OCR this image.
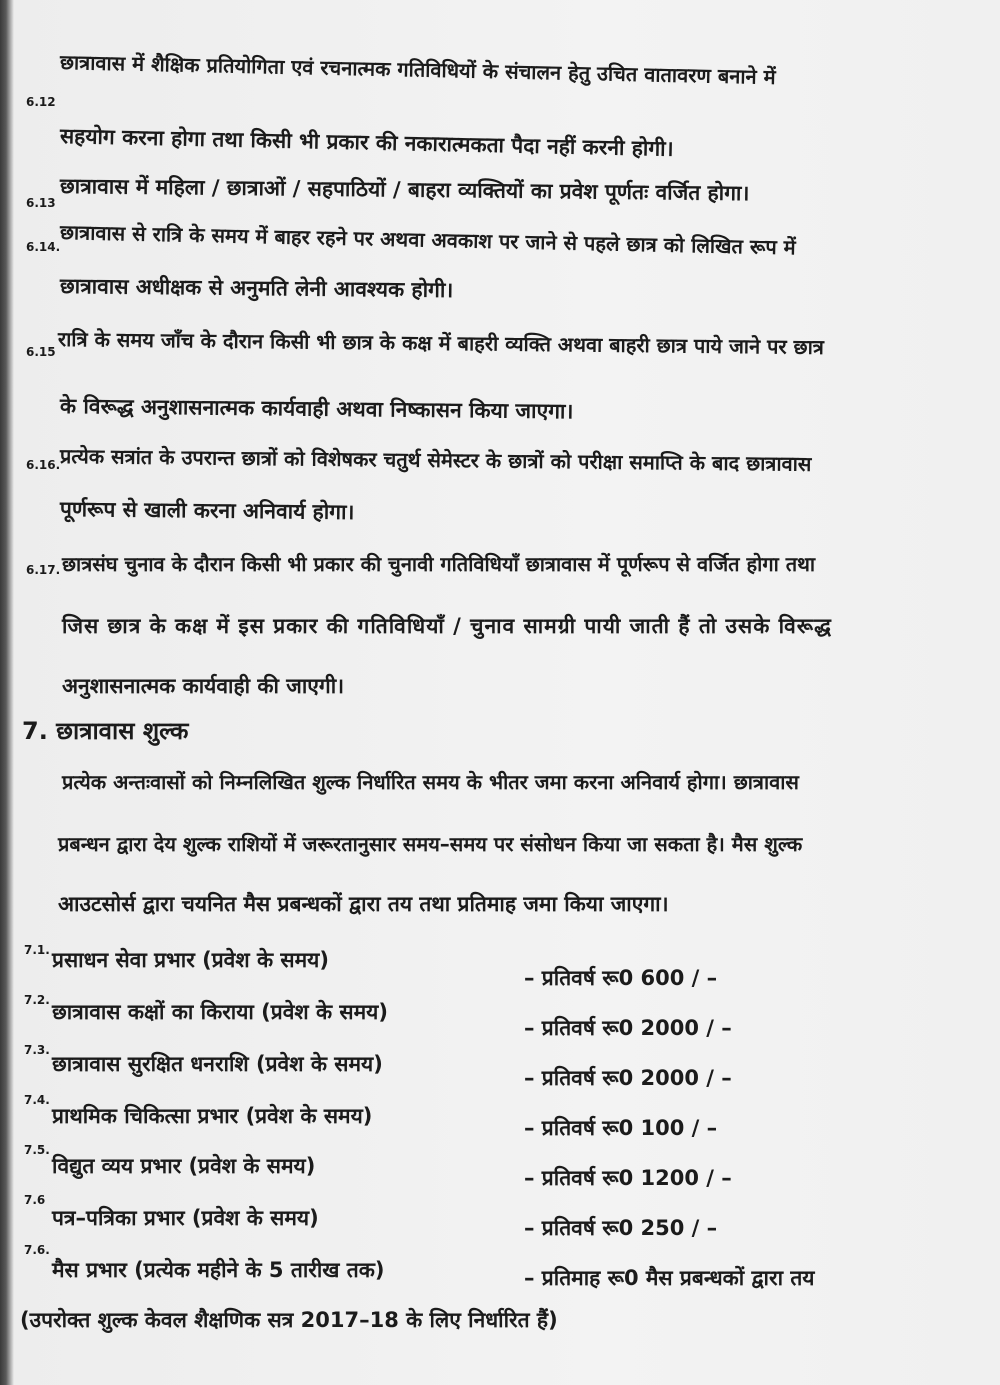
6.12
छात्रावास में शैक्षिक प्रतियोगिता एवं रचनात्मक गतिविधियों के संचालन हेतु उचित वातावरण बनाने में
सहयोग करना होगा तथा किसी भी प्रकार की नकारात्मकता पैदा नहीं करनी होगी।
6.13 छात्रावास में महिला / छात्राओं / सहपाठियों / बाहरा व्यक्तियों का प्रवेश पूर्णतः वर्जित होगा।
6.14. छात्रावास से रात्रि के समय में बाहर रहने पर अथवा अवकाश पर जाने से पहले छात्र को लिखित रूप में
छात्रावास अधीक्षक से अनुमति लेनी आवश्यक होगी।
6.15 रात्रि के समय जाँच के दौरान किसी भी छात्र के कक्ष में बाहरी व्यक्ति अथवा बाहरी छात्र पाये जाने पर छात्र
के विरूद्ध अनुशासनात्मक कार्यवाही अथवा निष्कासन किया जाएगा।
6.16. प्रत्येक सत्रांत के उपरान्त छात्रों को विशेषकर चतुर्थ सेमेस्टर के छात्रों को परीक्षा समाप्ति के बाद छात्रावास
पूर्णरूप से खाली करना अनिवार्य होगा।
6.17. छात्रसंघ चुनाव के दौरान किसी भी प्रकार की चुनावी गतिविधियाँ छात्रावास में पूर्णरूप से वर्जित होगा तथा
जिस छात्र के कक्ष में इस प्रकार की गतिविधियाँ / चुनाव सामग्री पायी जाती हैं तो उसके विरूद्ध
अनुशासनात्मक कार्यवाही की जाएगी।
7. छात्रावास शुल्क
प्रत्येक अन्तःवासों को निम्नलिखित शुल्क निर्धारित समय के भीतर जमा करना अनिवार्य होगा। छात्रावास
प्रबन्धन द्वारा देय शुल्क राशियों में जरूरतानुसार समय–समय पर संसोधन किया जा सकता है। मैस शुल्क
आउटसोर्स द्वारा चयनित मैस प्रबन्धकों द्वारा तय तथा प्रतिमाह जमा किया जाएगा।
7.1. प्रसाधन सेवा प्रभार (प्रवेश के समय)
– प्रतिवर्ष रू0 600 / –
7.2. छात्रावास कक्षों का किराया (प्रवेश के समय)
– प्रतिवर्ष रू0 2000 / –
7.3.
छात्रावास सुरक्षित धनराशि (प्रवेश के समय)
– प्रतिवर्ष रू0 2000 / –
7.4.
प्राथमिक चिकित्सा प्रभार (प्रवेश के समय)	– प्रतिवर्ष रू0 100 / –
7.5.
विद्युत व्यय प्रभार (प्रवेश के समय)	– प्रतिवर्ष रू0 1200 / –
7.6
पत्र–पत्रिका प्रभार (प्रवेश के समय)	– प्रतिवर्ष रू0 250 / –
7.6.
मैस प्रभार (प्रत्येक महीने के 5 तारीख तक)	– प्रतिमाह रू0 मैस प्रबन्धकों द्वारा तय
(उपरोक्त शुल्क केवल शैक्षणिक सत्र 2017–18 के लिए निर्धारित हैं)
